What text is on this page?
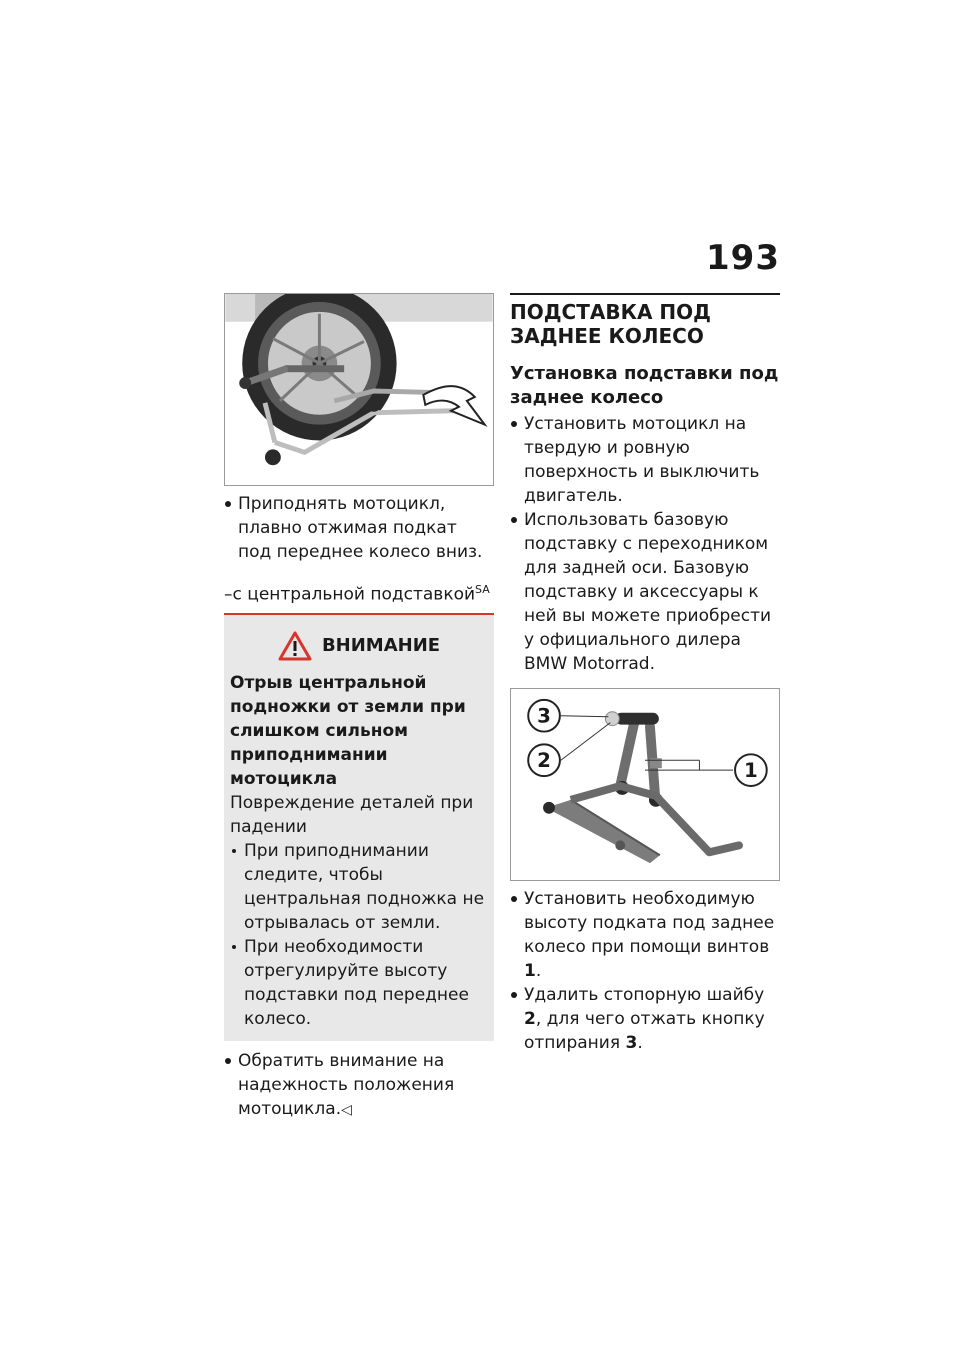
193

Приподнять мотоцикл, плавно отжимая подкат под переднее колесо вниз.

–с центральной подставкой$^{SA}$

ВНИМАНИЕ

Отрыв центральной подножки от земли при слишком сильном приподнимании мотоцикла

Повреждение деталей при падении

При приподнимании следите, чтобы центральная подножка не отрывалась от земли.

При необходимости отрегулируйте высоту подставки под переднее колесо.

Обратить внимание на надежность положения мотоцикла.◁

ПОДСТАВКА ПОД ЗАДНЕЕ КОЛЕСО
Установка подставки под заднее колесо

Установить мотоцикл на твердую и ровную поверхность и выключить двигатель.

Использовать базовую подставку с переходником для задней оси. Базовую подставку и аксессуары к ней вы можете приобрести у официального дилера BMW Motorrad.

3
2	1

Установить необходимую высоту подката под заднее колесо при помощи винтов 1.

Удалить стопорную шайбу 2, для чего отжать кнопку отпирания 3.
